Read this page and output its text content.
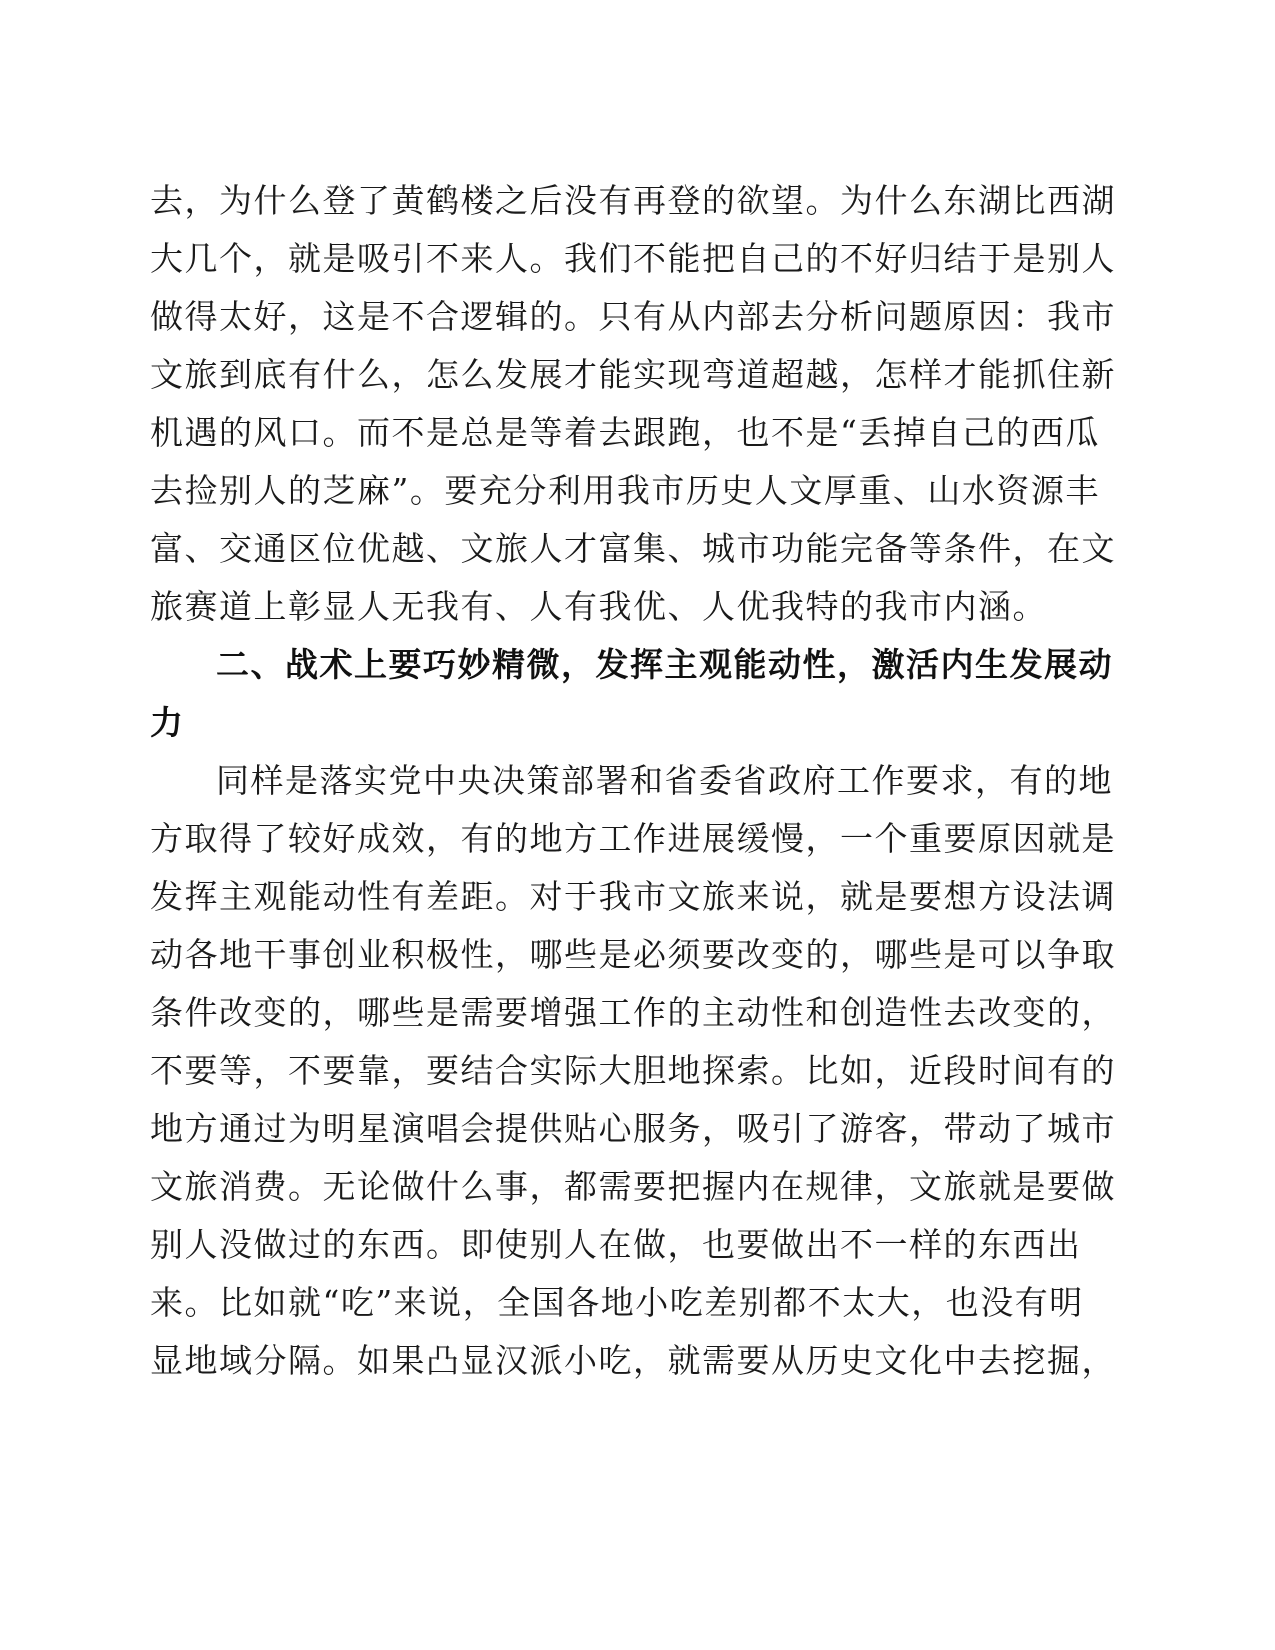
去，为什么登了黄鹤楼之后没有再登的欲望。为什么东湖比西湖
大几个，就是吸引不来人。我们不能把自己的不好归结于是别人
做得太好，这是不合逻辑的。只有从内部去分析问题原因：我市
文旅到底有什么，怎么发展才能实现弯道超越，怎样才能抓住新
机遇的风口。而不是总是等着去跟跑，也不是“丢掉自己的西瓜
去捡别人的芝麻”。要充分利用我市历史人文厚重、山水资源丰
富、交通区位优越、文旅人才富集、城市功能完备等条件，在文
旅赛道上彰显人无我有、人有我优、人优我特的我市内涵。
二、战术上要巧妙精微，发挥主观能动性，激活内生发展动
力
同样是落实党中央决策部署和省委省政府工作要求，有的地
方取得了较好成效，有的地方工作进展缓慢，一个重要原因就是
发挥主观能动性有差距。对于我市文旅来说，就是要想方设法调
动各地干事创业积极性，哪些是必须要改变的，哪些是可以争取
条件改变的，哪些是需要增强工作的主动性和创造性去改变的，
不要等，不要靠，要结合实际大胆地探索。比如，近段时间有的
地方通过为明星演唱会提供贴心服务，吸引了游客，带动了城市
文旅消费。无论做什么事，都需要把握内在规律，文旅就是要做
别人没做过的东西。即使别人在做，也要做出不一样的东西出
来。比如就“吃”来说，全国各地小吃差别都不太大，也没有明
显地域分隔。如果凸显汉派小吃，就需要从历史文化中去挖掘，
